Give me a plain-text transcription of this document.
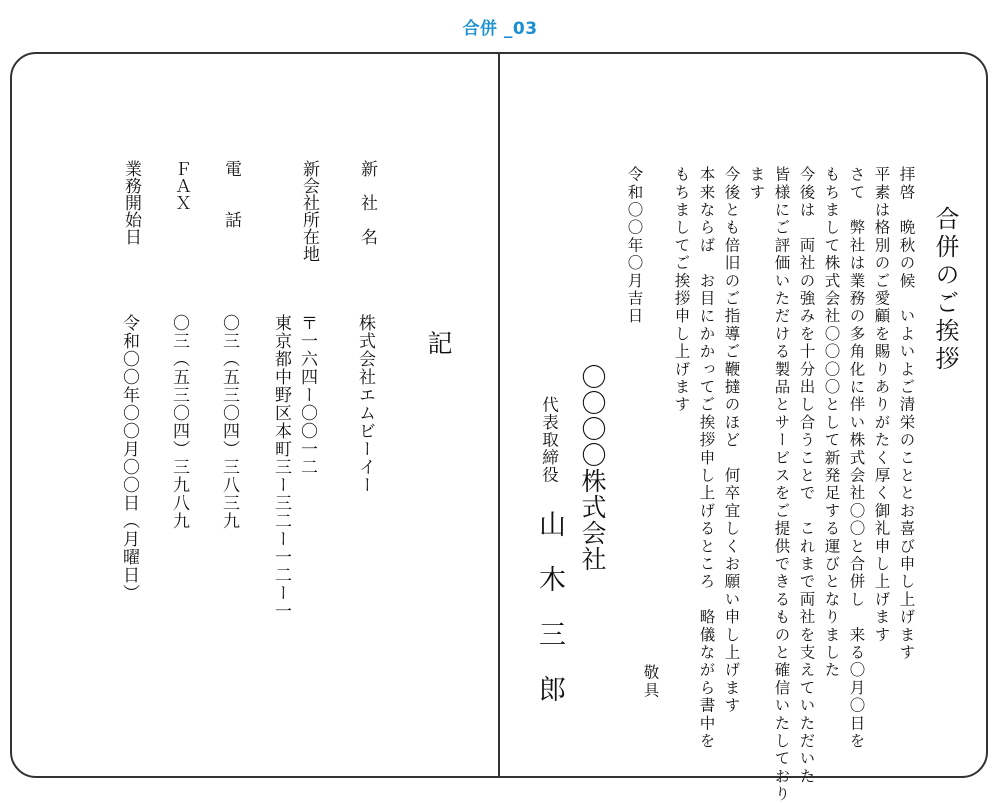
合併 _03
合併のご挨拶
拝啓　晩秋の候　いよいよご清栄のこととお喜び申し上げます
平素は格別のご愛顧を賜りありがたく厚く御礼申し上げます
さて　弊社は業務の多角化に伴い株式会社〇〇と合併し　来る〇月〇日を
もちまして株式会社〇〇〇〇として新発足する運びとなりました
今後は　両社の強みを十分出し合うことで　これまで両社を支えていただいた
皆様にご評価いただける製品とサービスをご提供できるものと確信いたしており
ます
今後とも倍旧のご指導ご鞭撻のほど　何卒宜しくお願い申し上げます
本来ならば　お目にかかってご挨拶申し上げるところ　略儀ながら書中を
もちましてご挨拶申し上げます
敬具
令和〇〇年〇月吉日
〇〇〇〇株式会社
代表取締役
山木三郎
記
新　社　名
株式会社エムビーイー
新会社所在地
〒一六四ー〇〇一二
東京都中野区本町三ー三二ー一二ー一
電　　話
〇三（五三〇四）三八三九
ＦＡＸ
〇三（五三〇四）三九八九
業務開始日
令和〇〇年〇〇月〇〇日（月曜日）
